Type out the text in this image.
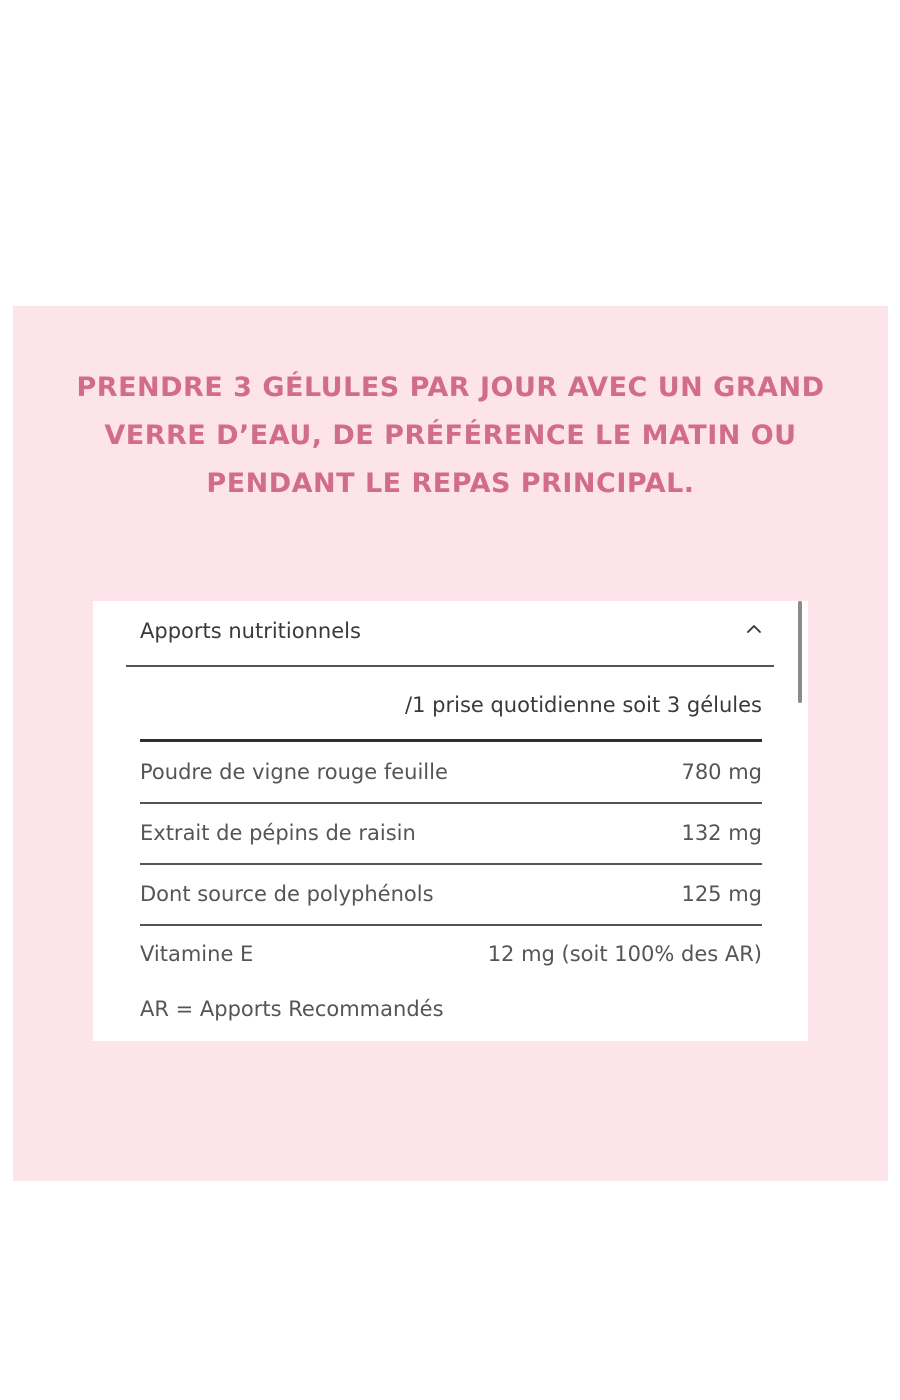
PRENDRE 3 GÉLULES PAR JOUR AVEC UN GRAND
VERRE D’EAU, DE PRÉFÉRENCE LE MATIN OU
PENDANT LE REPAS PRINCIPAL.

Apports nutritionnels
/1 prise quotidienne soit 3 gélules
Poudre de vigne rouge feuille	780 mg
Extrait de pépins de raisin	132 mg
Dont source de polyphénols	125 mg
Vitamine E	12 mg (soit 100% des AR)
AR = Apports Recommandés
